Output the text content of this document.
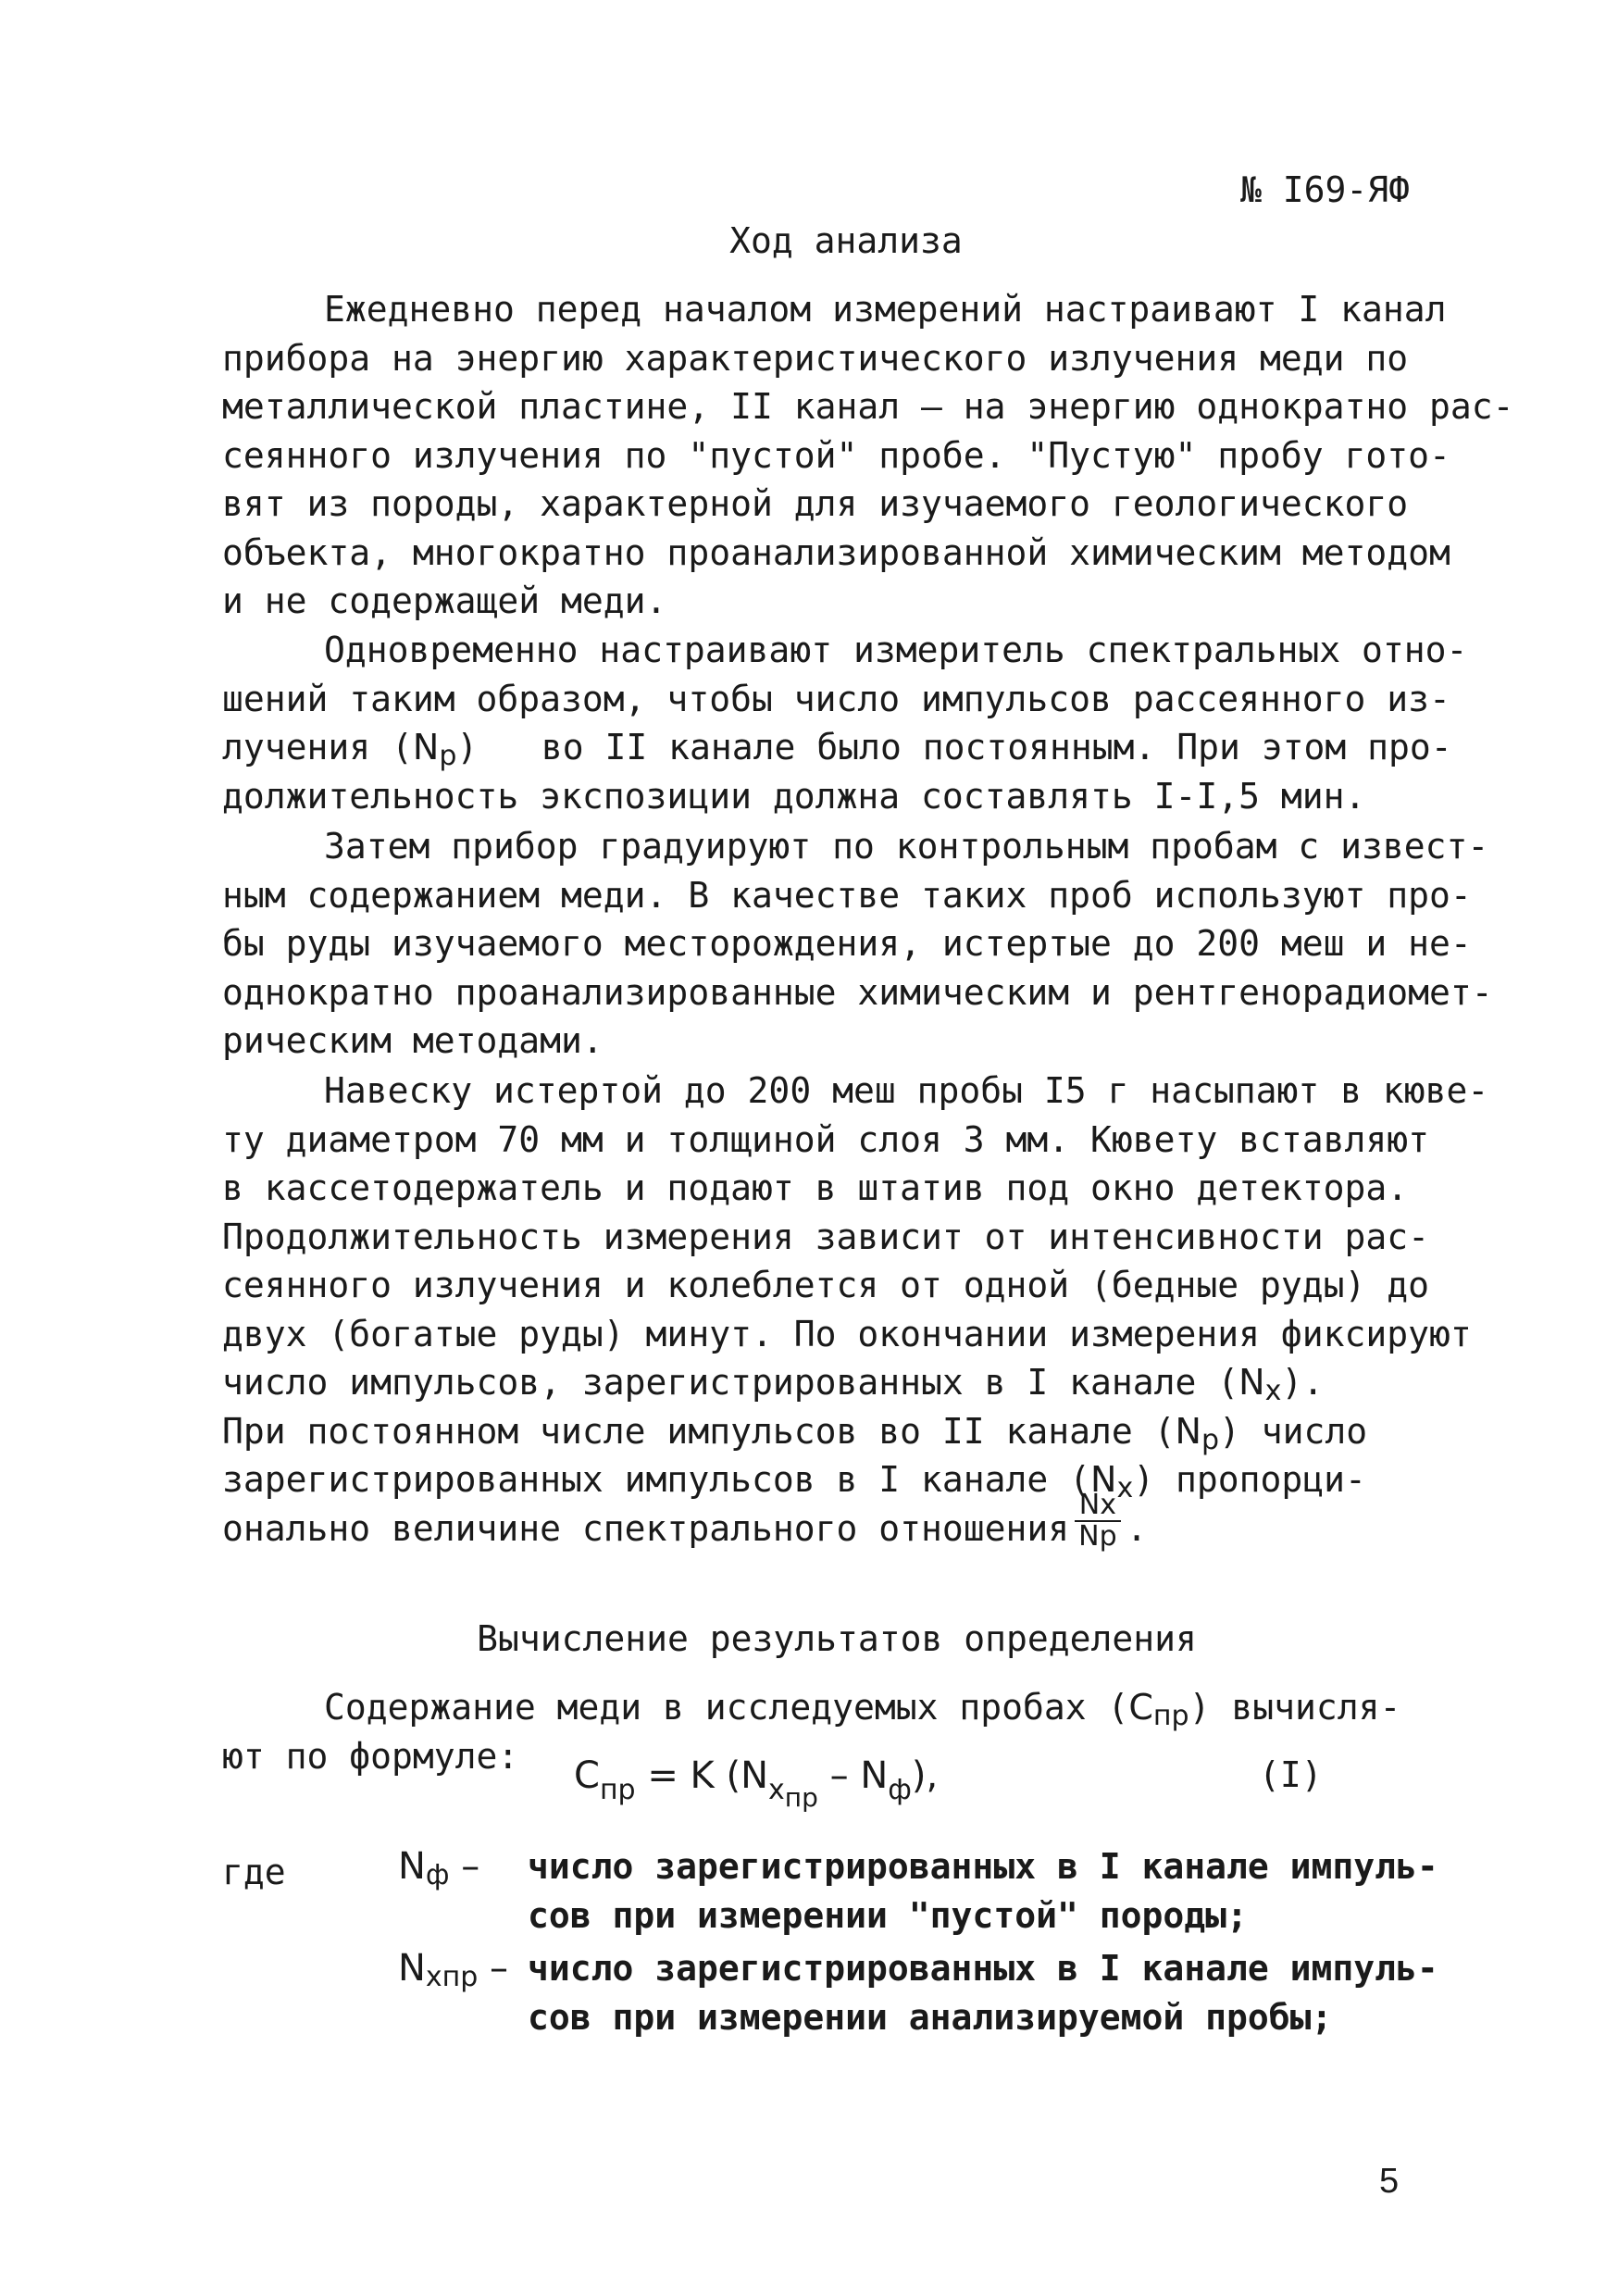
№ I69-ЯФ
Ход анализа
Ежедневно перед началом измерений настраивают I канал
прибора на энергию характеристического излучения меди по
металлической пластине, II канал – на энергию однократно рас-
сеянного излучения по "пустой" пробе. "Пустую" пробу гото-
вят из породы, характерной для изучаемого геологического
объекта, многократно проанализированной химическим методом
и не содержащей меди.
Одновременно настраивают измеритель спектральных отно-
шений таким образом, чтобы число импульсов рассеянного из-
лучения $(N_p)$   во II канале было постоянным. При этом про-
должительность экспозиции должна составлять I-I,5 мин.
Затем прибор градуируют по контрольным пробам с извест-
ным содержанием меди. В качестве таких проб используют про-
бы руды изучаемого месторождения, истертые до 200 меш и не-
однократно проанализированные химическим и рентгенорадиомет-
рическим методами.
Навеску истертой до 200 меш пробы I5 г насыпают в кюве-
ту диаметром 70 мм и толщиной слоя 3 мм. Кювету вставляют
в кассетодержатель и подают в штатив под окно детектора.
Продолжительность измерения зависит от интенсивности рас-
сеянного излучения и колеблется от одной (бедные руды) до
двух (богатые руды) минут. По окончании измерения фиксируют
число импульсов, зарегистрированных в I канале $(N_x)$.
При постоянном числе импульсов во II канале $(N_p)$ число
зарегистрированных импульсов в I канале $(N_x)$ пропорци-
онально величине спектрального отношения $\frac{Nx}{Np}$ .
Вычисление результатов определения
Содержание меди в исследуемых пробах $(С_{пр})$ вычисля-
ют по формуле:	$С_{пр} = K$ $(N_{xпр} - N_ф)$,	(I)
где	$N_ф$ –число зарегистрированных в I канале импуль-
сов при измерении "пустой" породы;
$N_{xпр}$ –число зарегистрированных в I канале импуль-
сов при измерении анализируемой пробы;
5
